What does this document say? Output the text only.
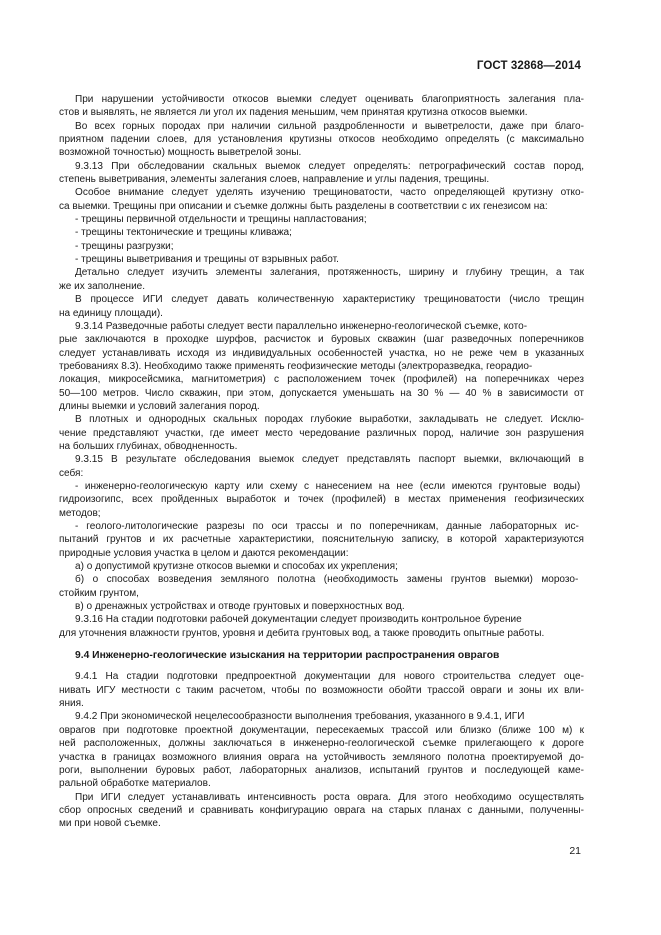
ГОСТ 32868—2014
При нарушении устойчивости откосов выемки следует оценивать благоприятность залегания пла-
стов и выявлять, не является ли угол их падения меньшим, чем принятая крутизна откосов выемки.
Во всех горных породах при наличии сильной раздробленности и выветрелости, даже при благо-
приятном падении слоев, для установления крутизны откосов необходимо определять (с максимально
возможной точностью) мощность выветрелой зоны.
9.3.13 При обследовании скальных выемок следует определять: петрографический состав пород,
степень выветривания, элементы залегания слоев, направление и углы падения, трещины.
Особое внимание следует уделять изучению трещиноватости, часто определяющей крутизну отко-
са выемки. Трещины при описании и съемке должны быть разделены в соответствии с их генезисом на:
- трещины первичной отдельности и трещины напластования;
- трещины тектонические и трещины кливажа;
- трещины разгрузки;
- трещины выветривания и трещины от взрывных работ.
Детально следует изучить элементы залегания, протяженность, ширину и глубину трещин, а так
же их заполнение.
В процессе ИГИ следует давать количественную характеристику трещиноватости (число трещин
на единицу площади).
9.3.14 Разведочные работы следует вести параллельно инженерно-геологической съемке, кото-
рые заключаются в проходке шурфов, расчисток и буровых скважин (шаг разведочных поперечников
следует устанавливать исходя из индивидуальных особенностей участка, но не реже чем в указанных
требованиях 8.3). Необходимо также применять геофизические методы (электроразведка, георадио-
локация, микросейсмика, магнитометрия) с расположением точек (профилей) на поперечниках через
50—100 метров. Число скважин, при этом, допускается уменьшать на 30 % — 40 % в зависимости от
длины выемки и условий залегания пород.
В плотных и однородных скальных породах глубокие выработки, закладывать не следует. Исклю-
чение представляют участки, где имеет место чередование различных пород, наличие зон разрушения
на больших глубинах, обводненность.
9.3.15 В результате обследования выемок следует представлять паспорт выемки, включающий в
себя:
- инженерно-геологическую карту или схему с нанесением на нее (если имеются грунтовые воды)
гидроизогипс, всех пройденных выработок и точек (профилей) в местах применения геофизических
методов;
- геолого-литологические разрезы по оси трассы и по поперечникам, данные лабораторных ис-
пытаний грунтов и их расчетные характеристики, пояснительную записку, в которой характеризуются
природные условия участка в целом и даются рекомендации:
а) о допустимой крутизне откосов выемки и способах их укрепления;
б) о способах возведения земляного полотна (необходимость замены грунтов выемки) морозо-
стойким грунтом,
в) о дренажных устройствах и отводе грунтовых и поверхностных вод.
9.3.16 На стадии подготовки рабочей документации следует производить контрольное бурение
для уточнения влажности грунтов, уровня и дебита грунтовых вод, а также проводить опытные работы.
9.4 Инженерно-геологические изыскания на территории распространения оврагов
9.4.1 На стадии подготовки предпроектной документации для нового строительства следует оце-
нивать ИГУ местности с таким расчетом, чтобы по возможности обойти трассой овраги и зоны их вли-
яния.
9.4.2 При экономической нецелесообразности выполнения требования, указанного в 9.4.1, ИГИ
оврагов при подготовке проектной документации, пересекаемых трассой или близко (ближе 100 м) к
ней расположенных, должны заключаться в инженерно-геологической съемке прилегающего к дороге
участка в границах возможного влияния оврага на устойчивость земляного полотна проектируемой до-
роги, выполнении буровых работ, лабораторных анализов, испытаний грунтов и последующей каме-
ральной обработке материалов.
При ИГИ следует устанавливать интенсивность роста оврага. Для этого необходимо осуществлять
сбор опросных сведений и сравнивать конфигурацию оврага на старых планах с данными, полученны-
ми при новой съемке.
21
